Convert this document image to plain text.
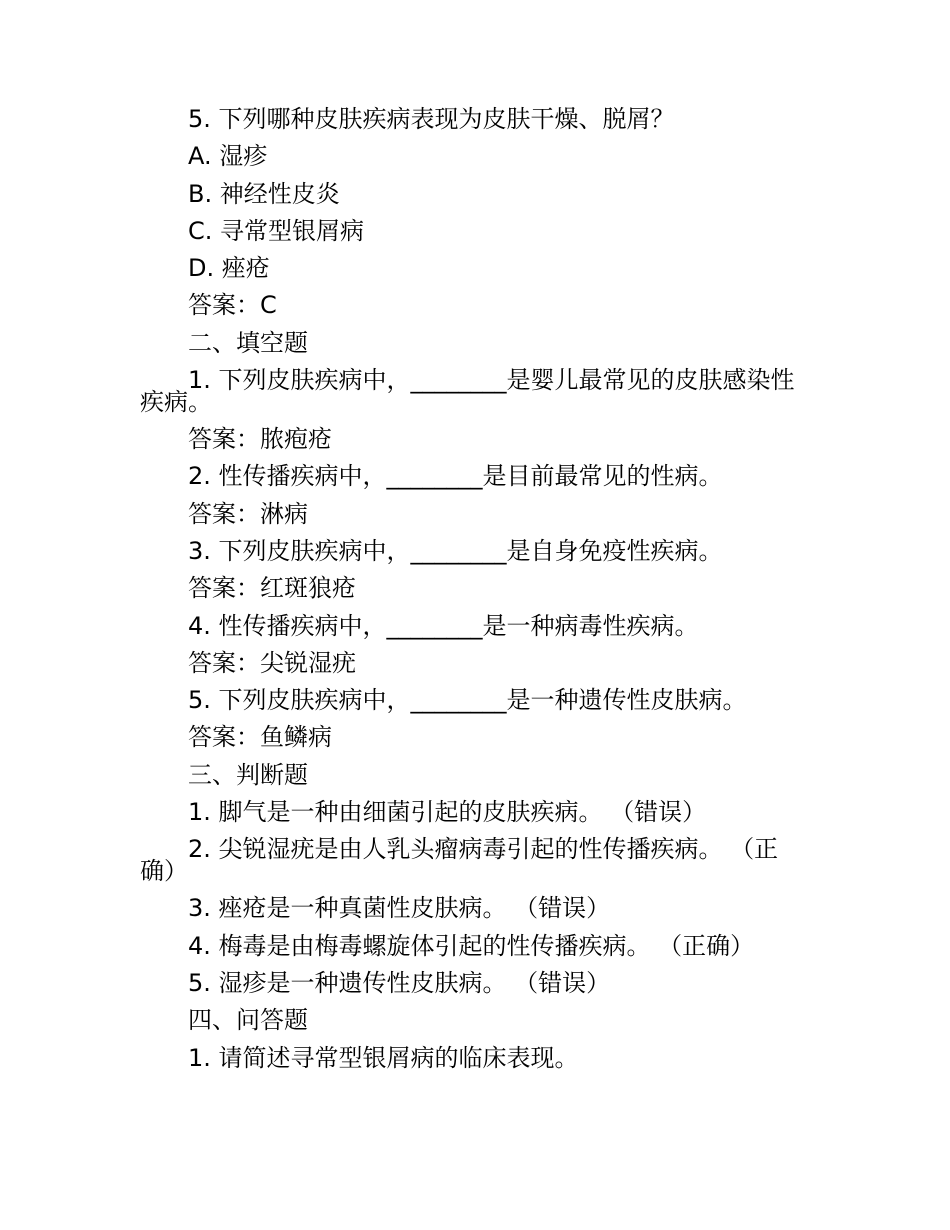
5. 下列哪种皮肤疾病表现为皮肤干燥、脱屑？

A. 湿疹

B. 神经性皮炎

C. 寻常型银屑病

D. 痤疮

答案：C

二、填空题

1. 下列皮肤疾病中，________是婴儿最常见的皮肤感染性疾病。

答案：脓疱疮

2. 性传播疾病中，________是目前最常见的性病。

答案：淋病

3. 下列皮肤疾病中，________是自身免疫性疾病。

答案：红斑狼疮

4. 性传播疾病中，________是一种病毒性疾病。

答案：尖锐湿疣

5. 下列皮肤疾病中，________是一种遗传性皮肤病。

答案：鱼鳞病

三、判断题

1. 脚气是一种由细菌引起的皮肤疾病。 （错误）

2. 尖锐湿疣是由人乳头瘤病毒引起的性传播疾病。 （正确）

3. 痤疮是一种真菌性皮肤病。 （错误）

4. 梅毒是由梅毒螺旋体引起的性传播疾病。 （正确）

5. 湿疹是一种遗传性皮肤病。 （错误）

四、问答题

1. 请简述寻常型银屑病的临床表现。
